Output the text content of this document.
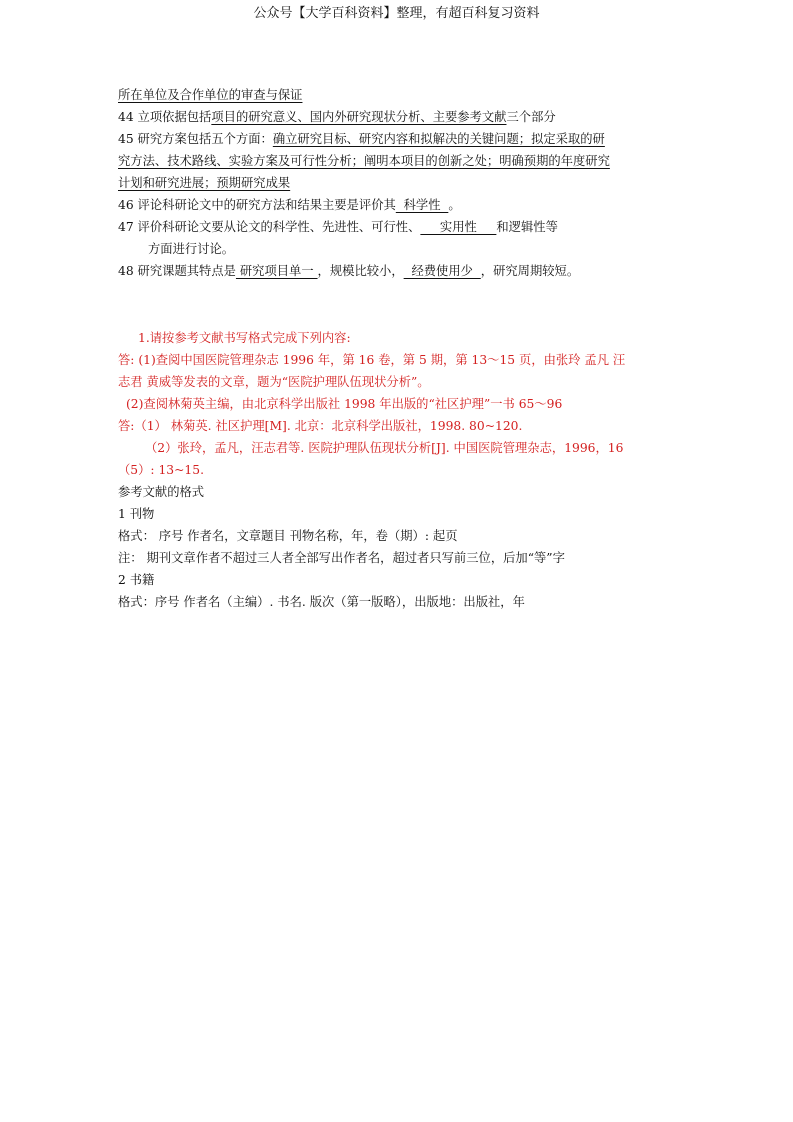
公众号【大学百科资料】整理，有超百科复习资料
所在单位及合作单位的审查与保证
44 立项依据包括项目的研究意义、国内外研究现状分析、主要参考文献三个部分
45 研究方案包括五个方面：确立研究目标、研究内容和拟解决的关键问题；拟定采取的研
究方法、技术路线、实验方案及可行性分析；阐明本项目的创新之处；明确预期的年度研究
计划和研究进展；预期研究成果
46 评论科研论文中的研究方法和结果主要是评价其  科学性  。
47 评价科研论文要从论文的科学性、先进性、可行性、     实用性     和逻辑性等
方面进行讨论。
48 研究课题其特点是 研究项目单一 ，规模比较小，  经费使用少  ，研究周期较短。
1.请按参考文献书写格式完成下列内容:
答: (1)查阅中国医院管理杂志 1996 年，第 16 卷，第 5 期，第 13～15 页，由张玲 孟凡 汪
志君 黄威等发表的文章，题为“医院护理队伍现状分析”。
(2)查阅林菊英主编，由北京科学出版社 1998 年出版的“社区护理”一书 65～96
答:（1） 林菊英. 社区护理[M]. 北京：北京科学出版社，1998. 80~120.
（2）张玲，孟凡，汪志君等. 医院护理队伍现状分析[J]. 中国医院管理杂志，1996，16
（5）: 13~15.
参考文献的格式
1 刊物
格式： 序号 作者名，文章题目 刊物名称，年，卷（期）: 起页
注： 期刊文章作者不超过三人者全部写出作者名，超过者只写前三位，后加“等”字
2 书籍
格式：序号 作者名（主编）. 书名. 版次（第一版略），出版地：出版社，年
